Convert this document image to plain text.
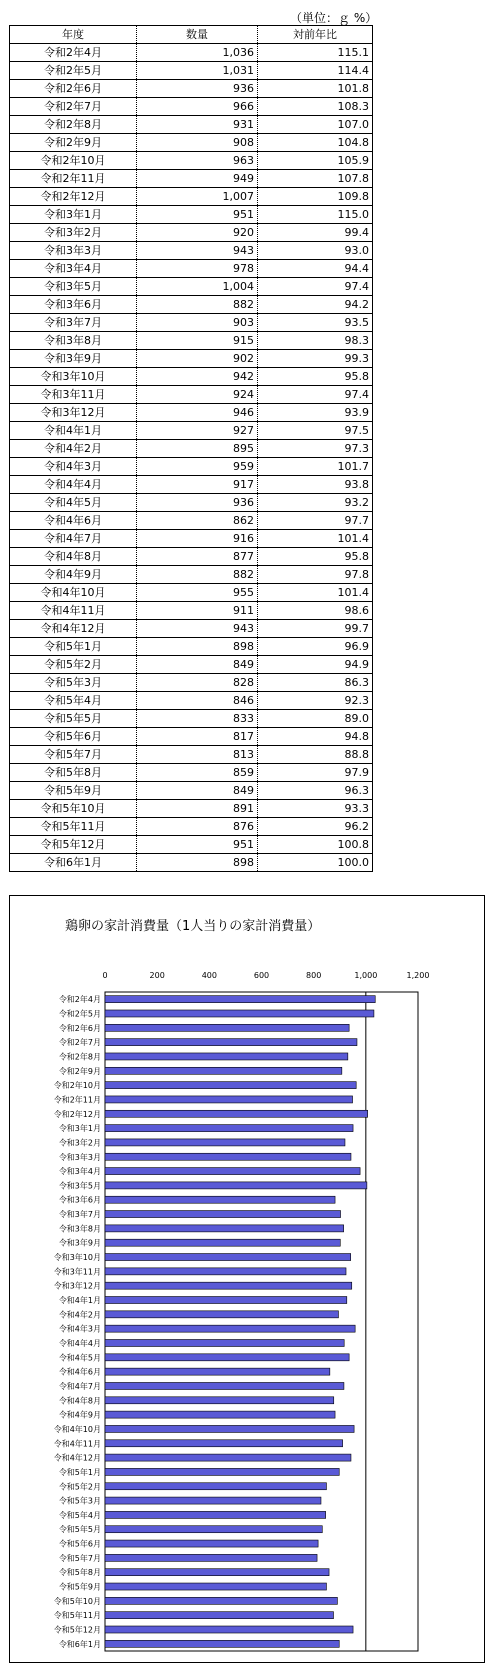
（単位：ｇ %）
年度	数量	対前年比
令和2年4月	1,036	115.1
令和2年5月	1,031	114.4
令和2年6月	936	101.8
令和2年7月	966	108.3
令和2年8月	931	107.0
令和2年9月	908	104.8
令和2年10月	963	105.9
令和2年11月	949	107.8
令和2年12月	1,007	109.8
令和3年1月	951	115.0
令和3年2月	920	99.4
令和3年3月	943	93.0
令和3年4月	978	94.4
令和3年5月	1,004	97.4
令和3年6月	882	94.2
令和3年7月	903	93.5
令和3年8月	915	98.3
令和3年9月	902	99.3
令和3年10月	942	95.8
令和3年11月	924	97.4
令和3年12月	946	93.9
令和4年1月	927	97.5
令和4年2月	895	97.3
令和4年3月	959	101.7
令和4年4月	917	93.8
令和4年5月	936	93.2
令和4年6月	862	97.7
令和4年7月	916	101.4
令和4年8月	877	95.8
令和4年9月	882	97.8
令和4年10月	955	101.4
令和4年11月	911	98.6
令和4年12月	943	99.7
令和5年1月	898	96.9
令和5年2月	849	94.9
令和5年3月	828	86.3
令和5年4月	846	92.3
令和5年5月	833	89.0
令和5年6月	817	94.8
令和5年7月	813	88.8
令和5年8月	859	97.9
令和5年9月	849	96.3
令和5年10月	891	93.3
令和5年11月	876	96.2
令和5年12月	951	100.8
令和6年1月	898	100.0
鶏卵の家計消費量（1人当りの家計消費量）
0	200	400	600	800	1,000	1,200
令和2年4月
令和2年5月
令和2年6月
令和2年7月
令和2年8月
令和2年9月
令和2年10月
令和2年11月
令和2年12月
令和3年1月
令和3年2月
令和3年3月
令和3年4月
令和3年5月
令和3年6月
令和3年7月
令和3年8月
令和3年9月
令和3年10月
令和3年11月
令和3年12月
令和4年1月
令和4年2月
令和4年3月
令和4年4月
令和4年5月
令和4年6月
令和4年7月
令和4年8月
令和4年9月
令和4年10月
令和4年11月
令和4年12月
令和5年1月
令和5年2月
令和5年3月
令和5年4月
令和5年5月
令和5年6月
令和5年7月
令和5年8月
令和5年9月
令和5年10月
令和5年11月
令和5年12月
令和6年1月
